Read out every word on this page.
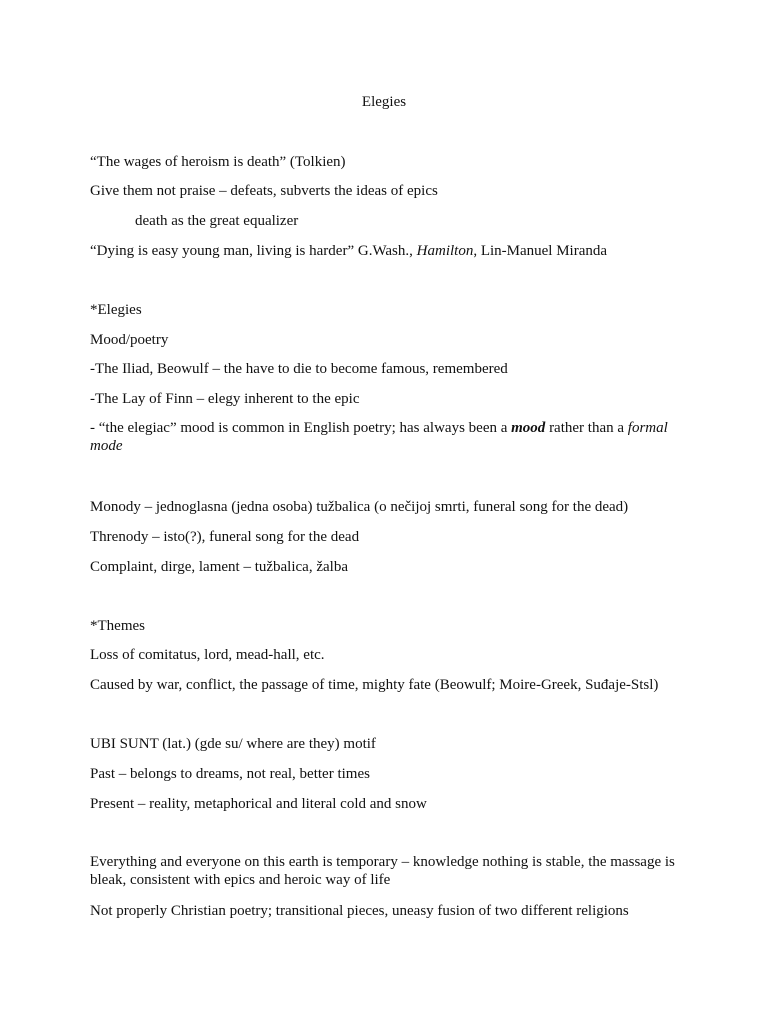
Elegies
“The wages of heroism is death” (Tolkien)
Give them not praise – defeats, subverts the ideas of epics
death as the great equalizer
“Dying is easy young man, living is harder” G.Wash., Hamilton, Lin-Manuel Miranda
*Elegies
Mood/poetry
-The Iliad, Beowulf – the have to die to become famous, remembered
-The Lay of Finn – elegy inherent to the epic
- “the elegiac” mood is common in English poetry; has always been a mood rather than a formal mode
Monody – jednoglasna (jedna osoba) tužbalica (o nečijoj smrti, funeral song for the dead)
Threnody – isto(?), funeral song for the dead
Complaint, dirge, lament – tužbalica, žalba
*Themes
Loss of comitatus, lord, mead-hall, etc.
Caused by war, conflict, the passage of time, mighty fate (Beowulf; Moire-Greek, Suđaje-Stsl)
UBI SUNT (lat.) (gde su/ where are they) motif
Past – belongs to dreams, not real, better times
Present – reality, metaphorical and literal cold and snow
Everything and everyone on this earth is temporary – knowledge nothing is stable, the massage is bleak, consistent with epics and heroic way of life
Not properly Christian poetry; transitional pieces, uneasy fusion of two different religions
